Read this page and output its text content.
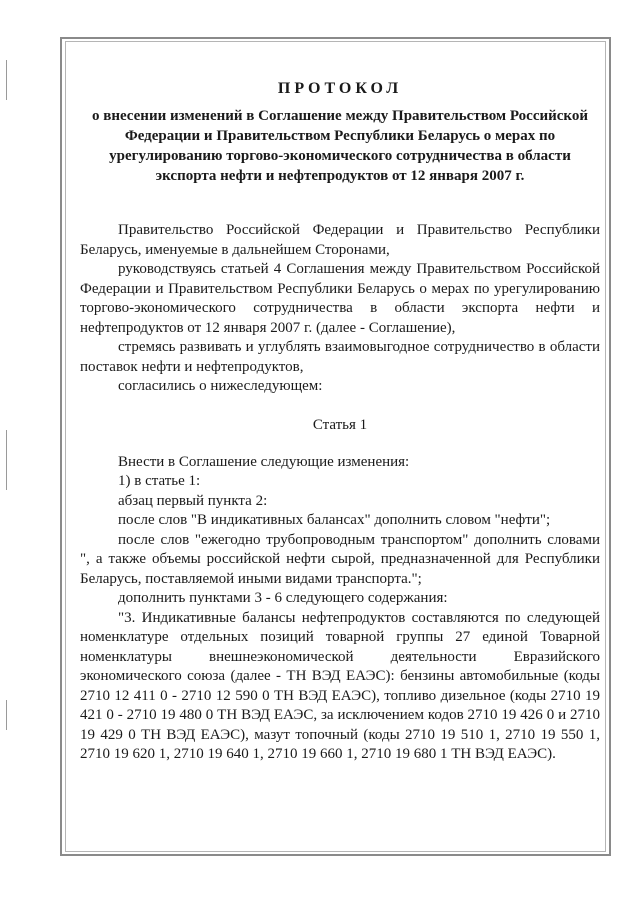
ПРОТОКОЛ

о внесении изменений в Соглашение между Правительством Российской Федерации и Правительством Республики Беларусь о мерах по урегулированию торгово-экономического сотрудничества в области экспорта нефти и нефтепродуктов от 12 января 2007 г.

Правительство Российской Федерации и Правительство Республики Беларусь, именуемые в дальнейшем Сторонами,

руководствуясь статьей 4 Соглашения между Правительством Российской Федерации и Правительством Республики Беларусь о мерах по урегулированию торгово-экономического сотрудничества в области экспорта нефти и нефтепродуктов от 12 января 2007 г. (далее - Соглашение),

стремясь развивать и углублять взаимовыгодное сотрудничество в области поставок нефти и нефтепродуктов,

согласились о нижеследующем:

Статья 1

Внести в Соглашение следующие изменения:

1) в статье 1:

абзац первый пункта 2:

после слов "В индикативных балансах" дополнить словом "нефти";

после слов "ежегодно трубопроводным транспортом" дополнить словами ", а также объемы российской нефти сырой, предназначенной для Республики Беларусь, поставляемой иными видами транспорта.";

дополнить пунктами 3 - 6 следующего содержания:

"3. Индикативные балансы нефтепродуктов составляются по следующей номенклатуре отдельных позиций товарной группы 27 единой Товарной номенклатуры внешнеэкономической деятельности Евразийского экономического союза (далее - ТН ВЭД ЕАЭС): бензины автомобильные (коды 2710 12 411 0 - 2710 12 590 0 ТН ВЭД ЕАЭС), топливо дизельное (коды 2710 19 421 0 - 2710 19 480 0 ТН ВЭД ЕАЭС, за исключением кодов 2710 19 426 0 и 2710 19 429 0 ТН ВЭД ЕАЭС), мазут топочный (коды 2710 19 510 1, 2710 19 550 1, 2710 19 620 1, 2710 19 640 1, 2710 19 660 1, 2710 19 680 1 ТН ВЭД ЕАЭС).
